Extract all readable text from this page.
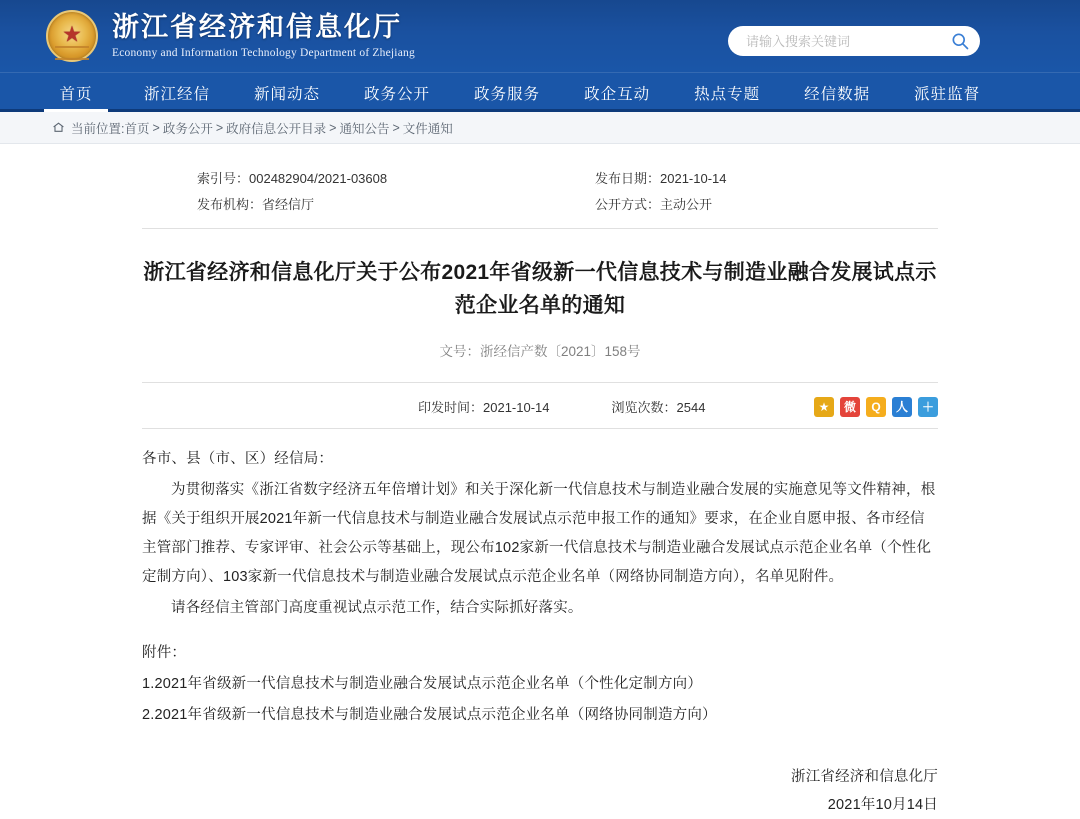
★
浙江省经济和信息化厅
Economy and Information Technology Department of Zhejiang
请输入搜索关键词
首页	浙江经信	新闻动态	政务公开	政务服务	政企互动	热点专题	经信数据	派驻监督
当前位置: 首页 > 政务公开 > 政府信息公开目录 > 通知公告 > 文件通知
索引号：002482904/2021-03608	发布日期：2021-10-14
发布机构：省经信厅	公开方式：主动公开
浙江省经济和信息化厅关于公布2021年省级新一代信息技术与制造业融合发展试点示范企业名单的通知
文号：浙经信产数〔2021〕158号
印发时间：2021-10-14	浏览次数：2544	★	微	Q	人	＋

各市、县（市、区）经信局：

为贯彻落实《浙江省数字经济五年倍增计划》和关于深化新一代信息技术与制造业融合发展的实施意见等文件精神，根据《关于组织开展2021年新一代信息技术与制造业融合发展试点示范申报工作的通知》要求，在企业自愿申报、各市经信主管部门推荐、专家评审、社会公示等基础上，现公布102家新一代信息技术与制造业融合发展试点示范企业名单（个性化定制方向）、103家新一代信息技术与制造业融合发展试点示范企业名单（网络协同制造方向），名单见附件。

请各经信主管部门高度重视试点示范工作，结合实际抓好落实。

附件：

1.2021年省级新一代信息技术与制造业融合发展试点示范企业名单（个性化定制方向）

2.2021年省级新一代信息技术与制造业融合发展试点示范企业名单（网络协同制造方向）

浙江省经济和信息化厅
2021年10月14日
